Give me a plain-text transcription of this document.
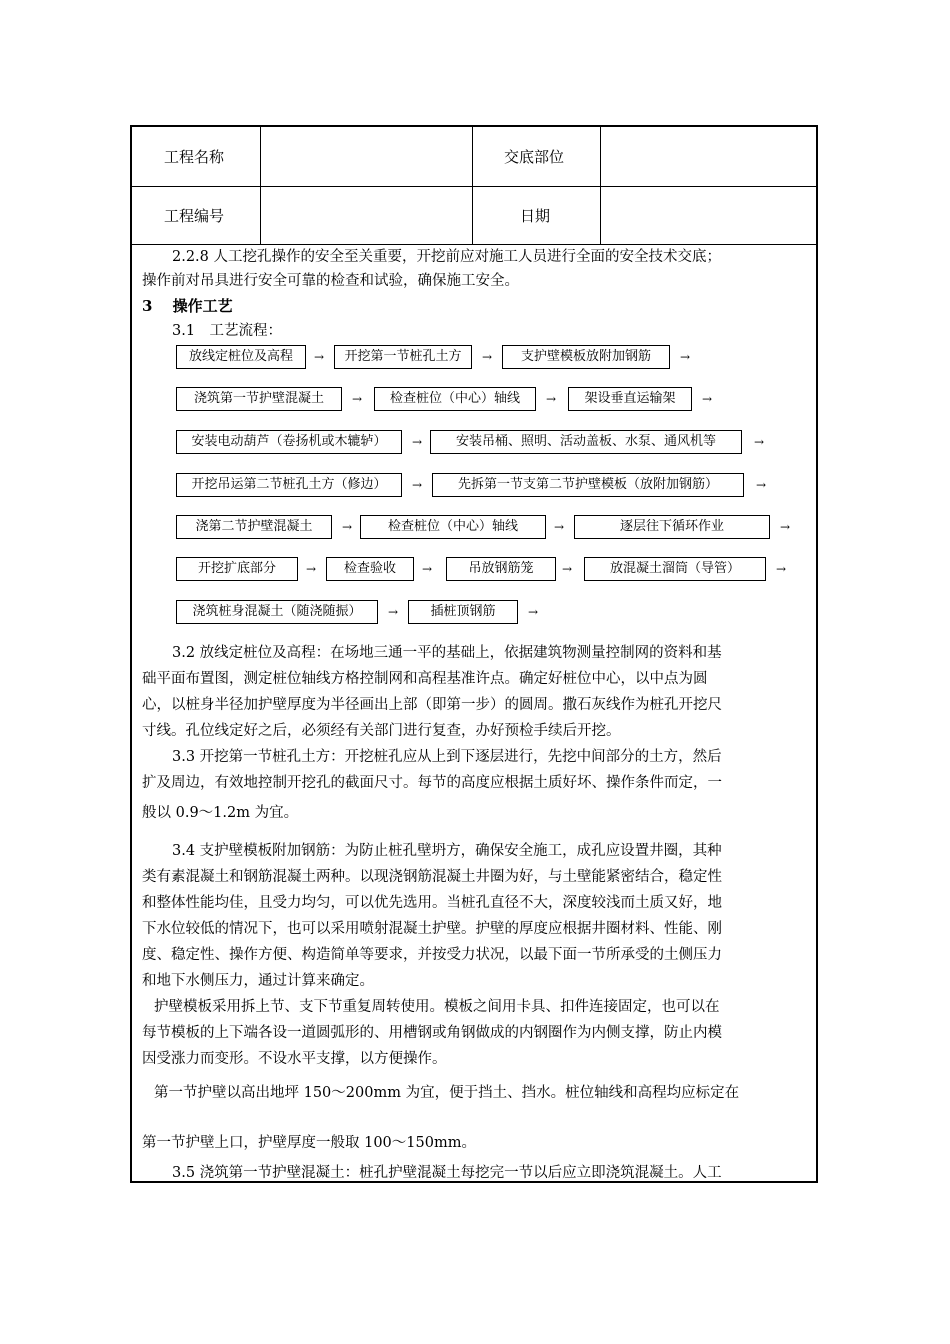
工程名称	交底部位
工程编号	日期
2.2.8 人工挖孔操作的安全至关重要，开挖前应对施工人员进行全面的安全技术交底；
操作前对吊具进行安全可靠的检查和试验，确保施工安全。
3　 操作工艺
3.1　工艺流程：
放线定桩位及高程	→	开挖第一节桩孔土方	→	支护壁模板放附加钢筋	→
浇筑第一节护壁混凝土	→	检查桩位（中心）轴线	→	架设垂直运输架	→
安装电动葫芦（卷扬机或木辘轳）	→	安装吊桶、照明、活动盖板、水泵、通风机等	→
开挖吊运第二节桩孔土方（修边）	→	先拆第一节支第二节护壁模板（放附加钢筋）	→
浇第二节护壁混凝土	→	检查桩位（中心）轴线	→	逐层往下循环作业	→
开挖扩底部分	→	检查验收	→	吊放钢筋笼	→	放混凝土溜筒（导管）	→
浇筑桩身混凝土（随浇随振）	→	插桩顶钢筋	→
3.2 放线定桩位及高程：在场地三通一平的基础上，依据建筑物测量控制网的资料和基
础平面布置图，测定桩位轴线方格控制网和高程基准许点。确定好桩位中心，以中点为圆
心，以桩身半径加护壁厚度为半径画出上部（即第一步）的圆周。撒石灰线作为桩孔开挖尺
寸线。孔位线定好之后，必须经有关部门进行复查，办好预检手续后开挖。
3.3 开挖第一节桩孔土方：开挖桩孔应从上到下逐层进行，先挖中间部分的土方，然后
扩及周边，有效地控制开挖孔的截面尺寸。每节的高度应根据土质好坏、操作条件而定，一
般以 0.9～1.2m 为宜。
3.4 支护壁模板附加钢筋：为防止桩孔壁坍方，确保安全施工，成孔应设置井圈，其种
类有素混凝土和钢筋混凝土两种。以现浇钢筋混凝土井圈为好，与土壁能紧密结合，稳定性
和整体性能均佳，且受力均匀，可以优先选用。当桩孔直径不大，深度较浅而土质又好，地
下水位较低的情况下，也可以采用喷射混凝土护壁。护壁的厚度应根据井圈材料、性能、刚
度、稳定性、操作方便、构造简单等要求，并按受力状况，以最下面一节所承受的土侧压力
和地下水侧压力，通过计算来确定。
护壁模板采用拆上节、支下节重复周转使用。模板之间用卡具、扣件连接固定，也可以在
每节模板的上下端各设一道圆弧形的、用槽钢或角钢做成的内钢圈作为内侧支撑，防止内模
因受涨力而变形。不设水平支撑，以方便操作。
第一节护壁以高出地坪 150～200mm 为宜，便于挡土、挡水。桩位轴线和高程均应标定在
第一节护壁上口，护壁厚度一般取 100～150mm。
3.5 浇筑第一节护壁混凝土：桩孔护壁混凝土每挖完一节以后应立即浇筑混凝土。人工
